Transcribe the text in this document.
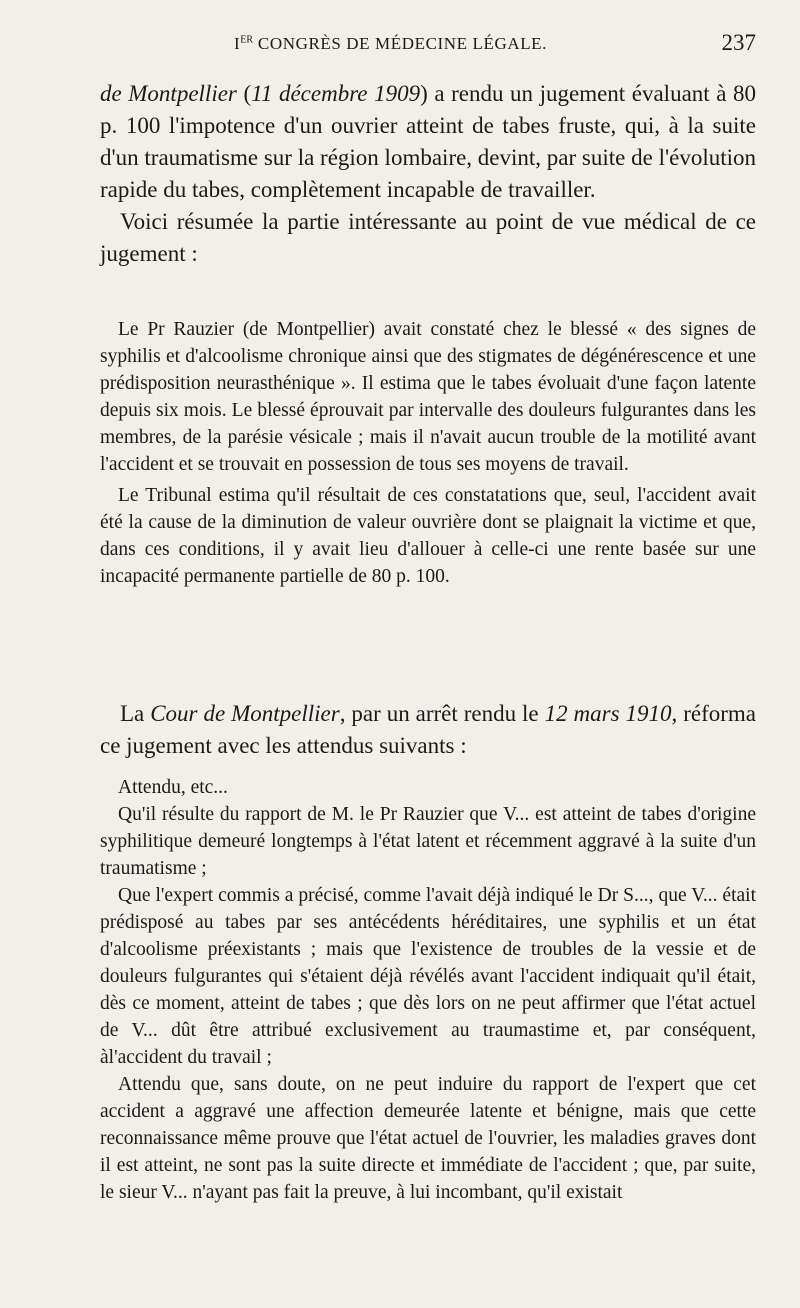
IER CONGRÈS DE MÉDECINE LÉGALE.	237

de Montpellier (11 décembre 1909) a rendu un jugement évaluant à 80 p. 100 l'impotence d'un ouvrier atteint de tabes fruste, qui, à la suite d'un traumatisme sur la région lombaire, devint, par suite de l'évolution rapide du tabes, complètement incapable de travailler.

Voici résumée la partie intéressante au point de vue médical de ce jugement :

Le Pr Rauzier (de Montpellier) avait constaté chez le blessé « des signes de syphilis et d'alcoolisme chronique ainsi que des stigmates de dégénérescence et une prédisposition neurasthénique ». Il estima que le tabes évoluait d'une façon latente depuis six mois. Le blessé éprouvait par intervalle des douleurs fulgurantes dans les membres, de la parésie vésicale ; mais il n'avait aucun trouble de la motilité avant l'accident et se trouvait en possession de tous ses moyens de travail.

Le Tribunal estima qu'il résultait de ces constatations que, seul, l'accident avait été la cause de la diminution de valeur ouvrière dont se plaignait la victime et que, dans ces conditions, il y avait lieu d'allouer à celle-ci une rente basée sur une incapacité permanente partielle de 80 p. 100.

La Cour de Montpellier, par un arrêt rendu le 12 mars 1910, réforma ce jugement avec les attendus suivants :

Attendu, etc...

Qu'il résulte du rapport de M. le Pr Rauzier que V... est atteint de tabes d'origine syphilitique demeuré longtemps à l'état latent et récemment aggravé à la suite d'un traumatisme ;

Que l'expert commis a précisé, comme l'avait déjà indiqué le Dr S..., que V... était prédisposé au tabes par ses antécédents héréditaires, une syphilis et un état d'alcoolisme préexistants ; mais que l'existence de troubles de la vessie et de douleurs fulgurantes qui s'étaient déjà révélés avant l'accident indiquait qu'il était, dès ce moment, atteint de tabes ; que dès lors on ne peut affirmer que l'état actuel de V... dût être attribué exclusivement au traumastime et, par conséquent, àl'accident du travail ;

Attendu que, sans doute, on ne peut induire du rapport de l'expert que cet accident a aggravé une affection demeurée latente et bénigne, mais que cette reconnaissance même prouve que l'état actuel de l'ouvrier, les maladies graves dont il est atteint, ne sont pas la suite directe et immédiate de l'accident ; que, par suite, le sieur V... n'ayant pas fait la preuve, à lui incombant, qu'il existait
